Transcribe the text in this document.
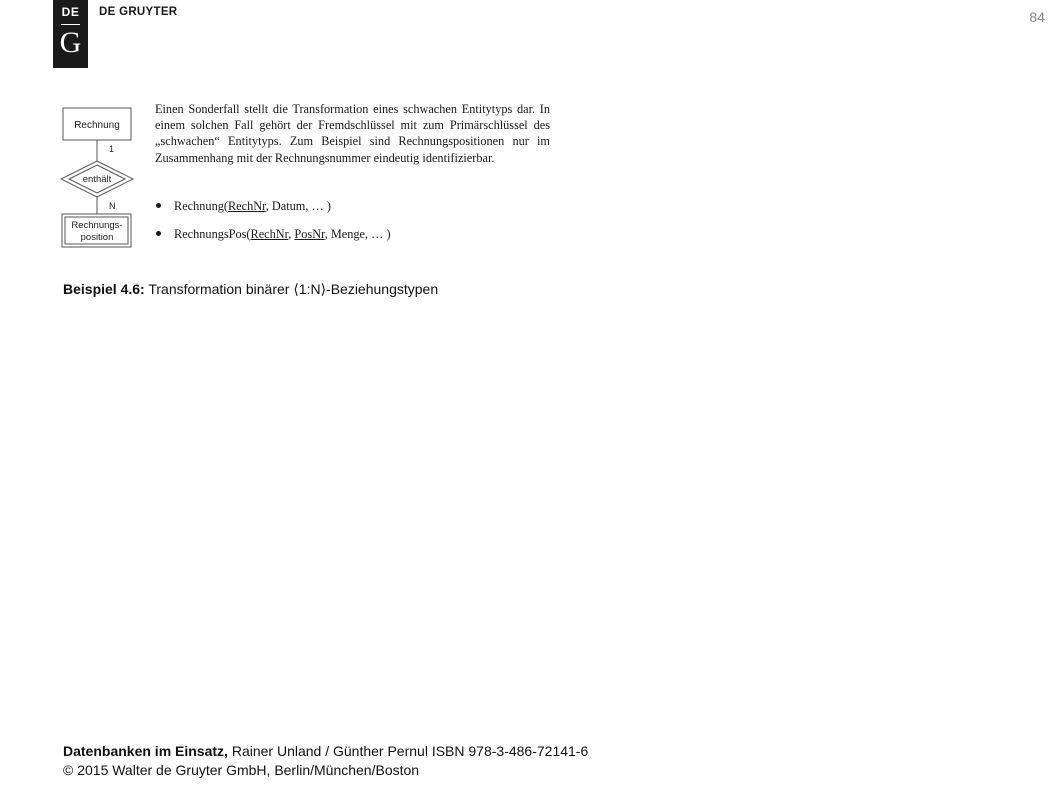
DE
G
DE GRUYTER	84
Rechnung
1
enthält
N
Rechnungs-
position

Einen Sonderfall stellt die Transformation eines schwachen Entitytyps dar. In einem solchen Fall gehört der Fremdschlüssel mit zum Primärschlüssel des „schwachen“ Entitytyps. Zum Beispiel sind Rechnungspositionen nur im Zusammenhang mit der Rechnungsnummer eindeutig identifizierbar.

Rechnung(RechNr, Datum, … )
RechnungsPos(RechNr, PosNr, Menge, … )
Beispiel 4.6: Transformation binärer ⟨1:N⟩-Beziehungstypen
Datenbanken im Einsatz, Rainer Unland / Günther Pernul ISBN 978-3-486-72141-6
© 2015 Walter de Gruyter GmbH, Berlin/München/Boston
